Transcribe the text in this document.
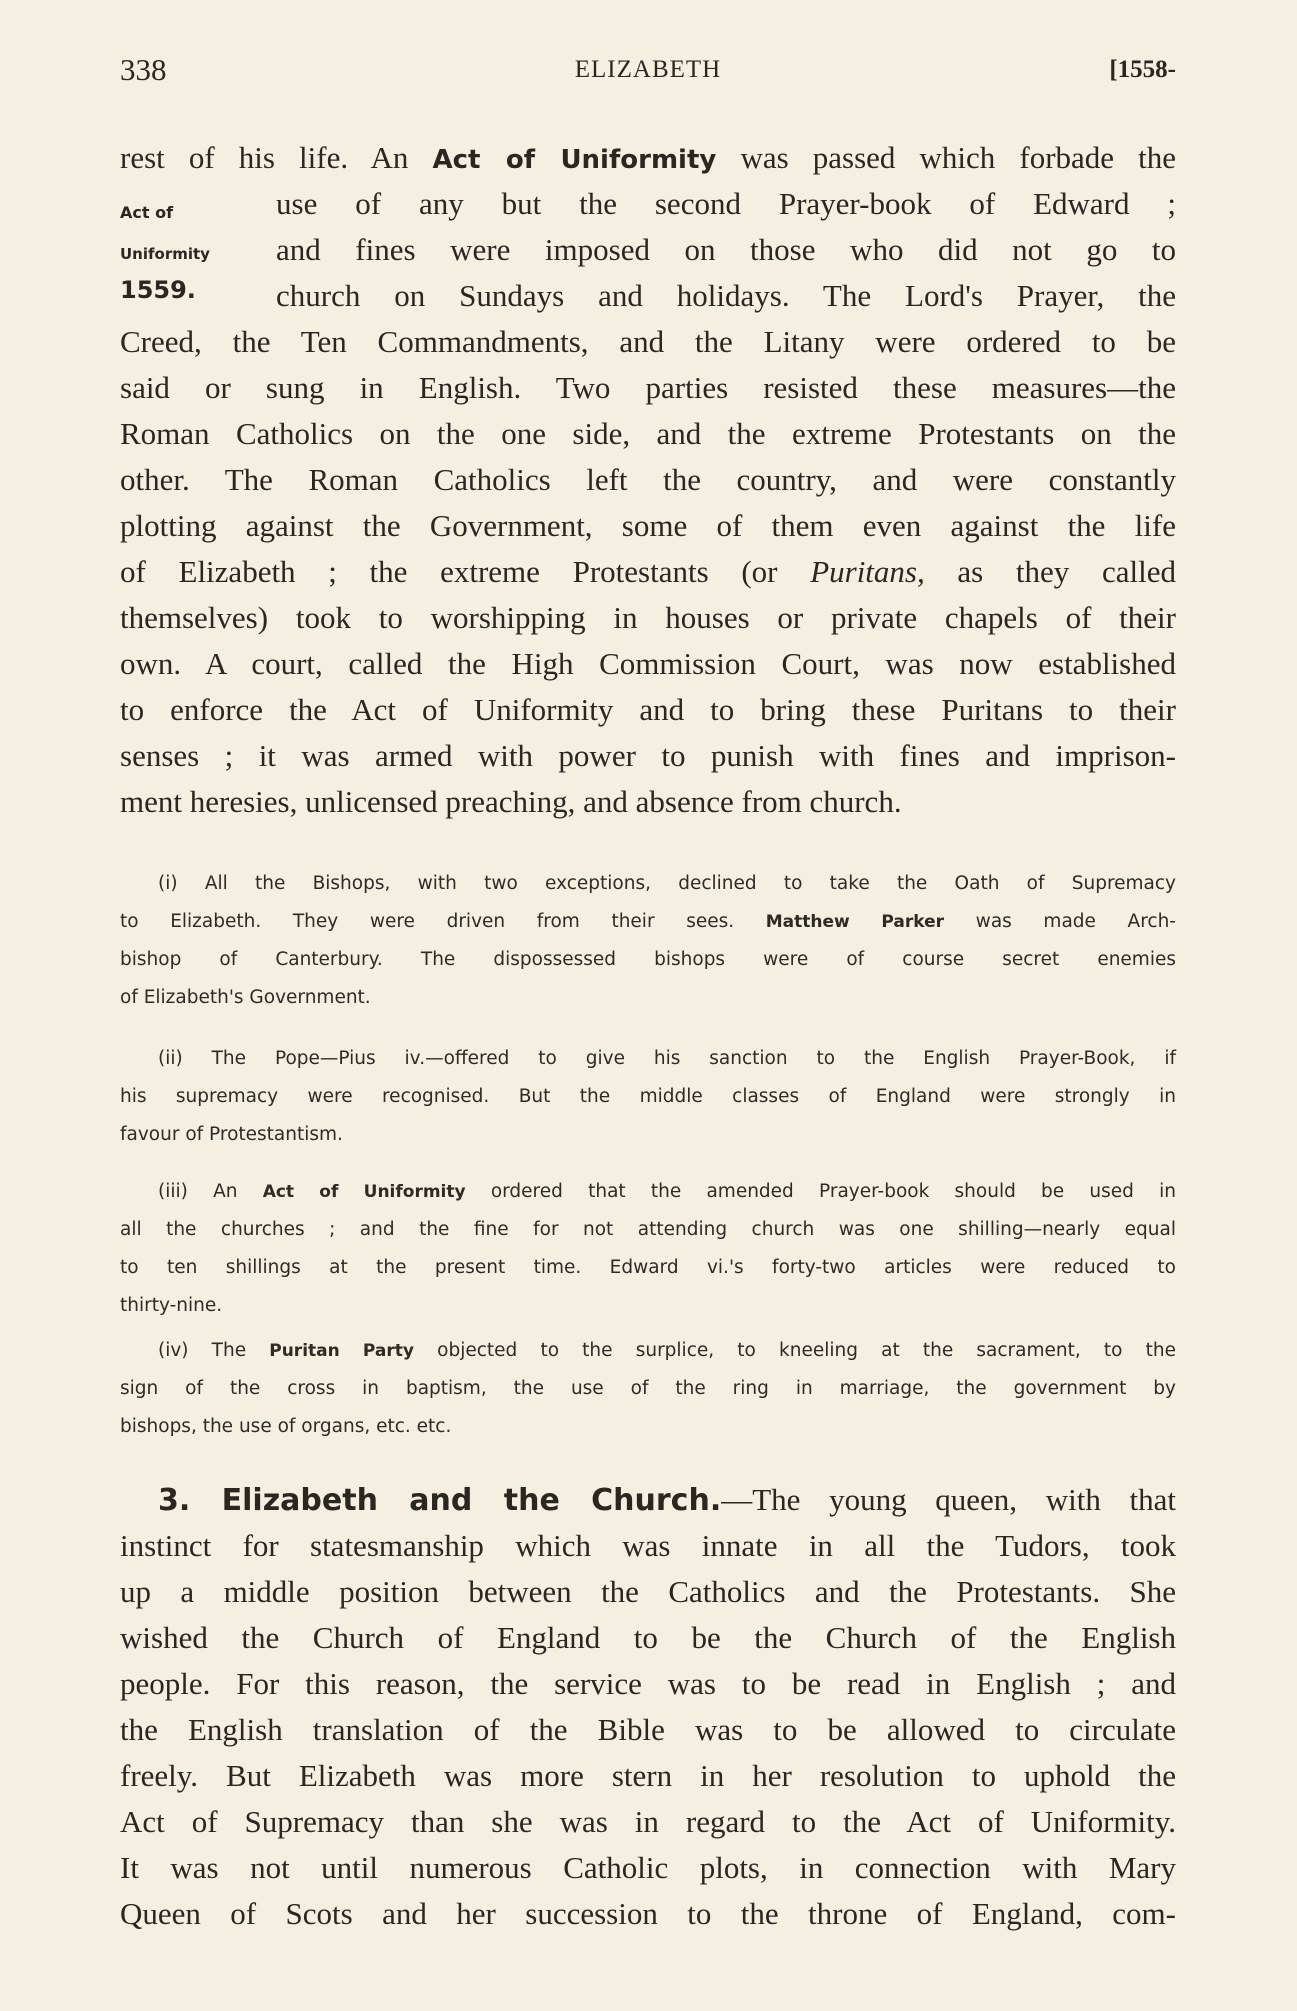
338	ELIZABETH	[1558-
Act of
Uniformity
1559.
rest of his life. An Act of Uniformity was passed which forbade the
use of any but the second Prayer-book of Edward ;
and fines were imposed on those who did not go to
church on Sundays and holidays. The Lord's Prayer, the
Creed, the Ten Commandments, and the Litany were ordered to be
said or sung in English. Two parties resisted these measures—the
Roman Catholics on the one side, and the extreme Protestants on the
other. The Roman Catholics left the country, and were constantly
plotting against the Government, some of them even against the life
of Elizabeth ; the extreme Protestants (or Puritans, as they called
themselves) took to worshipping in houses or private chapels of their
own. A court, called the High Commission Court, was now established
to enforce the Act of Uniformity and to bring these Puritans to their
senses ; it was armed with power to punish with fines and imprison-
ment heresies, unlicensed preaching, and absence from church.
(i) All the Bishops, with two exceptions, declined to take the Oath of Supremacy
to Elizabeth. They were driven from their sees. Matthew Parker was made Arch-
bishop of Canterbury. The dispossessed bishops were of course secret enemies
of Elizabeth's Government.
(ii) The Pope—Pius iv.—offered to give his sanction to the English Prayer-Book, if
his supremacy were recognised. But the middle classes of England were strongly in
favour of Protestantism.
(iii) An Act of Uniformity ordered that the amended Prayer-book should be used in
all the churches ; and the fine for not attending church was one shilling—nearly equal
to ten shillings at the present time. Edward vi.'s forty-two articles were reduced to
thirty-nine.
(iv) The Puritan Party objected to the surplice, to kneeling at the sacrament, to the
sign of the cross in baptism, the use of the ring in marriage, the government by
bishops, the use of organs, etc. etc.
3. Elizabeth and the Church.—The young queen, with that
instinct for statesmanship which was innate in all the Tudors, took
up a middle position between the Catholics and the Protestants. She
wished the Church of England to be the Church of the English
people. For this reason, the service was to be read in English ; and
the English translation of the Bible was to be allowed to circulate
freely. But Elizabeth was more stern in her resolution to uphold the
Act of Supremacy than she was in regard to the Act of Uniformity.
It was not until numerous Catholic plots, in connection with Mary
Queen of Scots and her succession to the throne of England, com-
